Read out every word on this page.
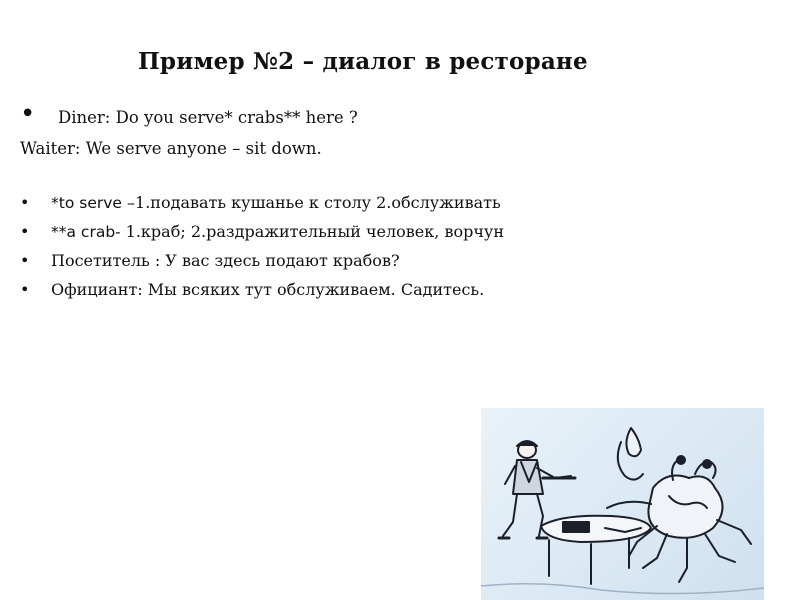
Пример №2 – диалог в ресторане
• Diner: Do you serve* crabs** here ?
Waiter: We serve anyone – sit down.
• *to serve –1.подавать кушанье к столу 2.обслуживать
• **a crab- 1.краб; 2.раздражительный человек, ворчун
• Посетитель : У вас здесь подают крабов?
• Официант: Мы всяких тут обслуживаем. Садитесь.
